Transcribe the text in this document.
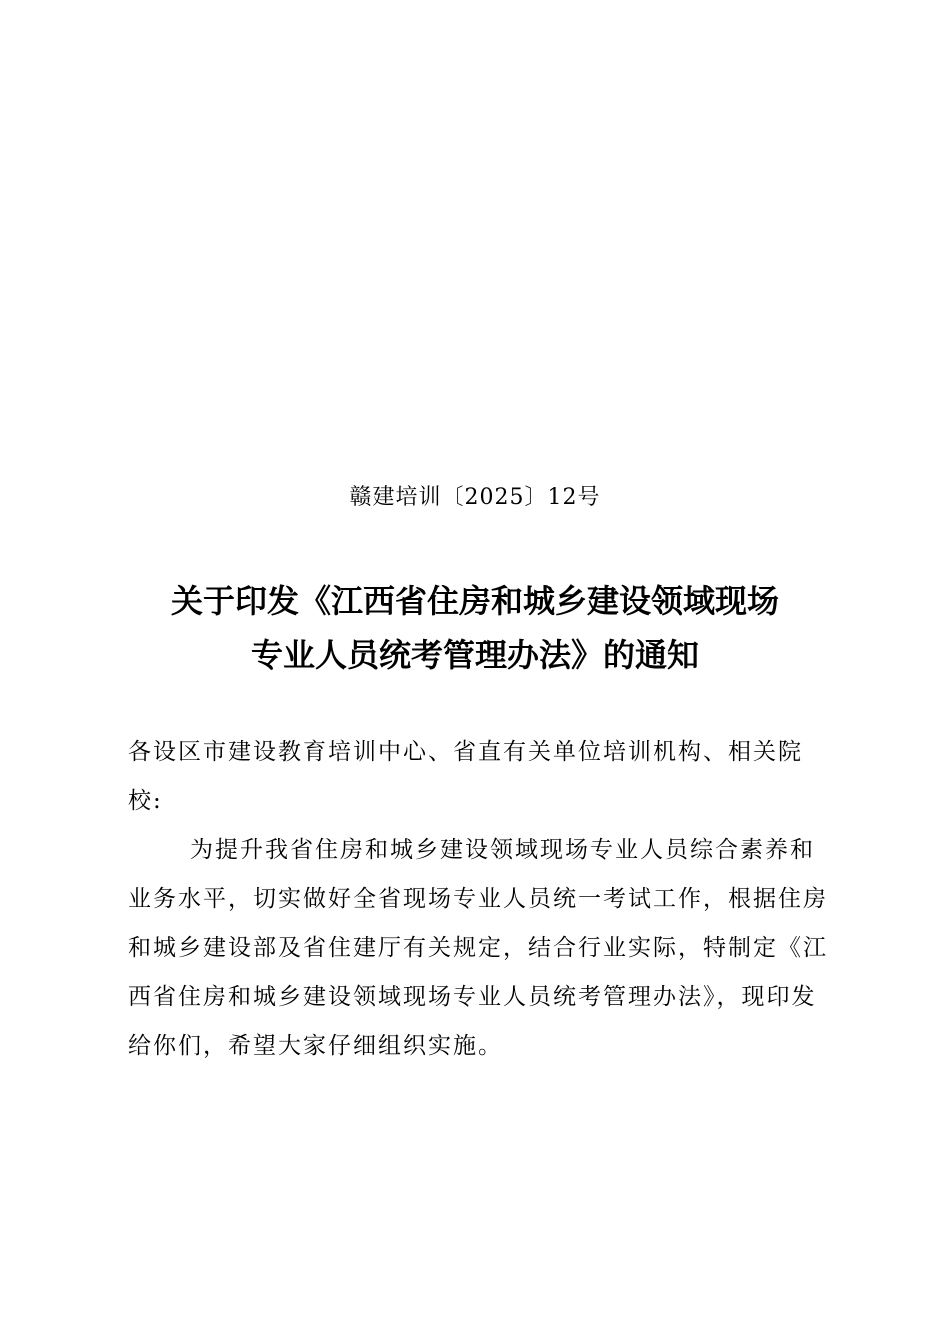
赣建培训〔2025〕12号
关于印发《江西省住房和城乡建设领域现场
专业人员统考管理办法》的通知

各设区市建设教育培训中心、省直有关单位培训机构、相关院校:

为提升我省住房和城乡建设领域现场专业人员综合素养和业务水平，切实做好全省现场专业人员统一考试工作，根据住房和城乡建设部及省住建厅有关规定，结合行业实际，特制定《江西省住房和城乡建设领域现场专业人员统考管理办法》，现印发给你们，希望大家仔细组织实施。
